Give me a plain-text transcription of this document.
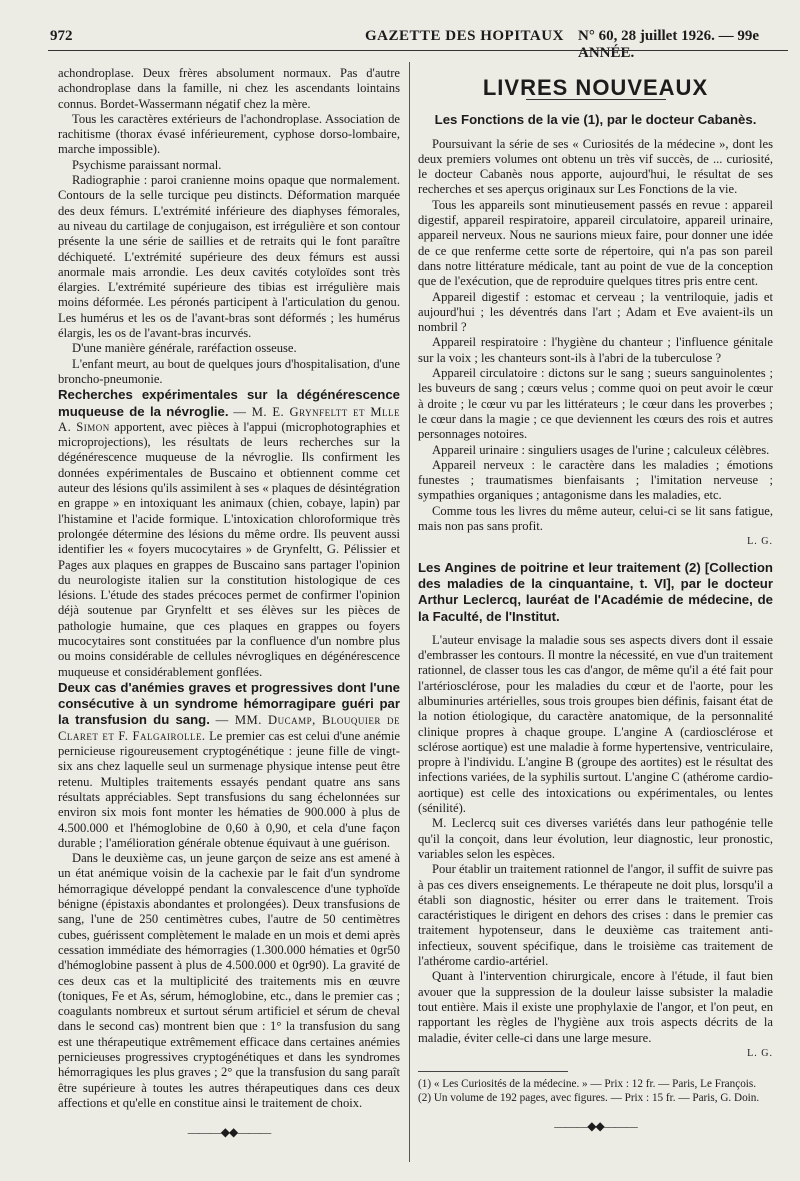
972	GAZETTE DES HOPITAUX N° 60, 28 juillet 1926. — 99e ANNÉE.

achondroplase. Deux frères absolument normaux. Pas d'autre achondroplase dans la famille, ni chez les ascendants lointains connus. Bordet-Wassermann négatif chez la mère.

Tous les caractères extérieurs de l'achondroplase. Association de rachitisme (thorax évasé inférieurement, cyphose dorso-lombaire, marche impossible).

Psychisme paraissant normal.

Radiographie : paroi cranienne moins opaque que normalement. Contours de la selle turcique peu distincts. Déformation marquée des deux fémurs. L'extrémité inférieure des diaphyses fémorales, au niveau du cartilage de conjugaison, est irrégulière et son contour présente la une série de saillies et de retraits qui le font paraître déchiqueté. L'extrémité supérieure des deux fémurs est aussi anormale mais arrondie. Les deux cavités cotyloïdes sont très élargies. L'extrémité supérieure des tibias est irrégulière mais moins déformée. Les péronés participent à l'articulation du genou. Les humérus et les os de l'avant-bras sont déformés ; les humérus élargis, les os de l'avant-bras incurvés.

D'une manière générale, raréfaction osseuse.

L'enfant meurt, au bout de quelques jours d'hospitalisation, d'une broncho-pneumonie.

Recherches expérimentales sur la dégénérescence muqueuse de la névroglie. — M. E. Grynfeltt et Mlle A. Simon apportent, avec pièces à l'appui (microphotographies et microprojections), les résultats de leurs recherches sur la dégénérescence muqueuse de la névroglie. Ils confirment les données expérimentales de Buscaino et obtiennent comme cet auteur des lésions qu'ils assimilent à ses « plaques de désintégration en grappe » en intoxiquant les animaux (chien, cobaye, lapin) par l'histamine et l'acide formique. L'intoxication chloroformique très prolongée détermine des lésions du même ordre. Ils peuvent aussi identifier les « foyers mucocytaires » de Grynfeltt, G. Pélissier et Pages aux plaques en grappes de Buscaino sans partager l'opinion du neurologiste italien sur la constitution histologique de ces lésions. L'étude des stades précoces permet de confirmer l'opinion déjà soutenue par Grynfeltt et ses élèves sur les pièces de pathologie humaine, que ces plaques en grappes ou foyers mucocytaires sont constituées par la confluence d'un nombre plus ou moins considérable de cellules névrogliques en dégénérescence muqueuse et considérablement gonflées.

Deux cas d'anémies graves et progressives dont l'une consécutive à un syndrome hémorragipare guéri par la transfusion du sang. — MM. Ducamp, Blouquier de Claret et F. Falgairolle. Le premier cas est celui d'une anémie pernicieuse rigoureusement cryptogénétique : jeune fille de vingt-six ans chez laquelle seul un surmenage physique intense peut être retenu. Multiples traitements essayés pendant quatre ans sans résultats appréciables. Sept transfusions du sang échelonnées sur environ six mois font monter les hématies de 900.000 à plus de 4.500.000 et l'hémoglobine de 0,60 à 0,90, et cela d'une façon durable ; l'amélioration générale obtenue équivaut à une guérison.

Dans le deuxième cas, un jeune garçon de seize ans est amené à un état anémique voisin de la cachexie par le fait d'un syndrome hémorragique développé pendant la convalescence d'une typhoïde bénigne (épistaxis abondantes et prolongées). Deux transfusions de sang, l'une de 250 centimètres cubes, l'autre de 50 centimètres cubes, guérissent complètement le malade en un mois et demi après cessation immédiate des hémorragies (1.300.000 hématies et 0gr50 d'hémoglobine passent à plus de 4.500.000 et 0gr90). La gravité de ces deux cas et la multiplicité des traitements mis en œuvre (toniques, Fe et As, sérum, hémoglobine, etc., dans le premier cas ; coagulants nombreux et surtout sérum artificiel et sérum de cheval dans le second cas) montrent bien que : 1° la transfusion du sang est une thérapeutique extrêmement efficace dans certaines anémies pernicieuses progressives cryptogénétiques et dans les syndromes hémorragiques les plus graves ; 2° que la transfusion du sang paraît être supérieure à toutes les autres thérapeutiques dans ces deux affections et qu'elle en constitue ainsi le traitement de choix.

———◆◆———
LIVRES NOUVEAUX

Les Fonctions de la vie (1), par le docteur Cabanès.

Poursuivant la série de ses « Curiosités de la médecine », dont les deux premiers volumes ont obtenu un très vif succès, de ... curiosité, le docteur Cabanès nous apporte, aujourd'hui, le résultat de ses recherches et ses aperçus originaux sur Les Fonctions de la vie.

Tous les appareils sont minutieusement passés en revue : appareil digestif, appareil respiratoire, appareil circulatoire, appareil urinaire, appareil nerveux. Nous ne saurions mieux faire, pour donner une idée de ce que renferme cette sorte de répertoire, qui n'a pas son pareil dans notre littérature médicale, tant au point de vue de la conception que de l'exécution, que de reproduire quelques titres pris entre cent.

Appareil digestif : estomac et cerveau ; la ventriloquie, jadis et aujourd'hui ; les déventrés dans l'art ; Adam et Eve avaient-ils un nombril ?

Appareil respiratoire : l'hygiène du chanteur ; l'influence génitale sur la voix ; les chanteurs sont-ils à l'abri de la tuberculose ?

Appareil circulatoire : dictons sur le sang ; sueurs sanguinolentes ; les buveurs de sang ; cœurs velus ; comme quoi on peut avoir le cœur à droite ; le cœur vu par les littérateurs ; le cœur dans les proverbes ; le cœur dans la magie ; ce que deviennent les cœurs des rois et autres personnages notoires.

Appareil urinaire : singuliers usages de l'urine ; calculeux célèbres.

Appareil nerveux : le caractère dans les maladies ; émotions funestes ; traumatismes bienfaisants ; l'imitation nerveuse ; sympathies organiques ; antagonisme dans les maladies, etc.

Comme tous les livres du même auteur, celui-ci se lit sans fatigue, mais non pas sans profit.

L. G.

Les Angines de poitrine et leur traitement (2) [Collection des maladies de la cinquantaine, t. VI], par le docteur Arthur Leclercq, lauréat de l'Académie de médecine, de la Faculté, de l'Institut.

L'auteur envisage la maladie sous ses aspects divers dont il essaie d'embrasser les contours. Il montre la nécessité, en vue d'un traitement rationnel, de classer tous les cas d'angor, de même qu'il a été fait pour l'artériosclérose, pour les maladies du cœur et de l'aorte, pour les albuminuries artérielles, sous trois groupes bien définis, faisant état de la notion étiologique, du caractère anatomique, de la personnalité clinique propres à chaque groupe. L'angine A (cardiosclérose et sclérose aortique) est une maladie à forme hypertensive, ventriculaire, propre à l'individu. L'angine B (groupe des aortites) est le résultat des infections variées, de la syphilis surtout. L'angine C (athérome cardio-aortique) est celle des intoxications ou expérimentales, ou lentes (sénilité).

M. Leclercq suit ces diverses variétés dans leur pathogénie telle qu'il la conçoit, dans leur évolution, leur diagnostic, leur pronostic, variables selon les espèces.

Pour établir un traitement rationnel de l'angor, il suffit de suivre pas à pas ces divers enseignements. Le thérapeute ne doit plus, lorsqu'il a établi son diagnostic, hésiter ou errer dans le traitement. Trois caractéristiques le dirigent en dehors des crises : dans le premier cas traitement hypotenseur, dans le deuxième cas traitement anti-infectieux, souvent spécifique, dans le troisième cas traitement de l'athérome cardio-artériel.

Quant à l'intervention chirurgicale, encore à l'étude, il faut bien avouer que la suppression de la douleur laisse subsister la maladie tout entière. Mais il existe une prophylaxie de l'angor, et l'on peut, en rapportant les règles de l'hygiène aux trois aspects décrits de la maladie, éviter celle-ci dans une large mesure.

L. G.

(1) « Les Curiosités de la médecine. » — Prix : 12 fr. — Paris, Le François.

(2) Un volume de 192 pages, avec figures. — Prix : 15 fr. — Paris, G. Doin.

———◆◆———
